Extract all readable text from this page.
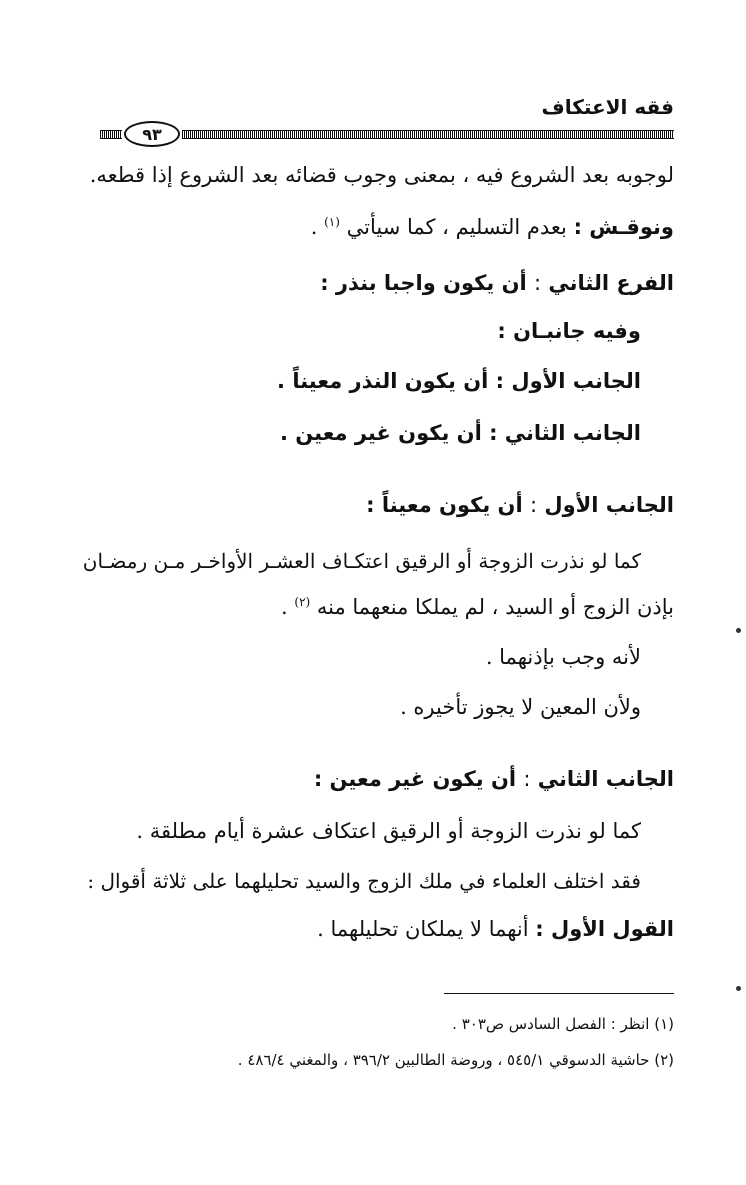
فقه الاعتكاف
٩٣
لوجوبه بعد الشروع فيه ، بمعنى وجوب قضائه بعد الشروع إذا قطعه.
ونوقـش : بعدم التسليم ، كما سيأتي $^{(١)}$ .
الفرع الثاني : أن يكون واجبا بنذر :
وفيه جانبـان :
الجانب الأول : أن يكون النذر معيناً .
الجانب الثاني : أن يكون غير معين .
الجانب الأول : أن يكون معيناً :
كما لو نذرت الزوجة أو الرقيق اعتكـاف العشـر الأواخـر مـن رمضـان
بإذن الزوج أو السيد ، لم يملكا منعهما منه $^{(٢)}$ .
لأنه وجب بإذنهما .
ولأن المعين لا يجوز تأخيره .
الجانب الثاني : أن يكون غير معين :
كما لو نذرت الزوجة أو الرقيق اعتكاف عشرة أيام مطلقة .
فقد اختلف العلماء في ملك الزوج والسيد تحليلهما على ثلاثة أقوال :
القول الأول : أنهما لا يملكان تحليلهما .
(١) انظر : الفصل السادس ص٣٠٣ .
(٢) حاشية الدسوقي ٥٤٥/١ ، وروضة الطالبين ٣٩٦/٢ ، والمغني ٤٨٦/٤ .
